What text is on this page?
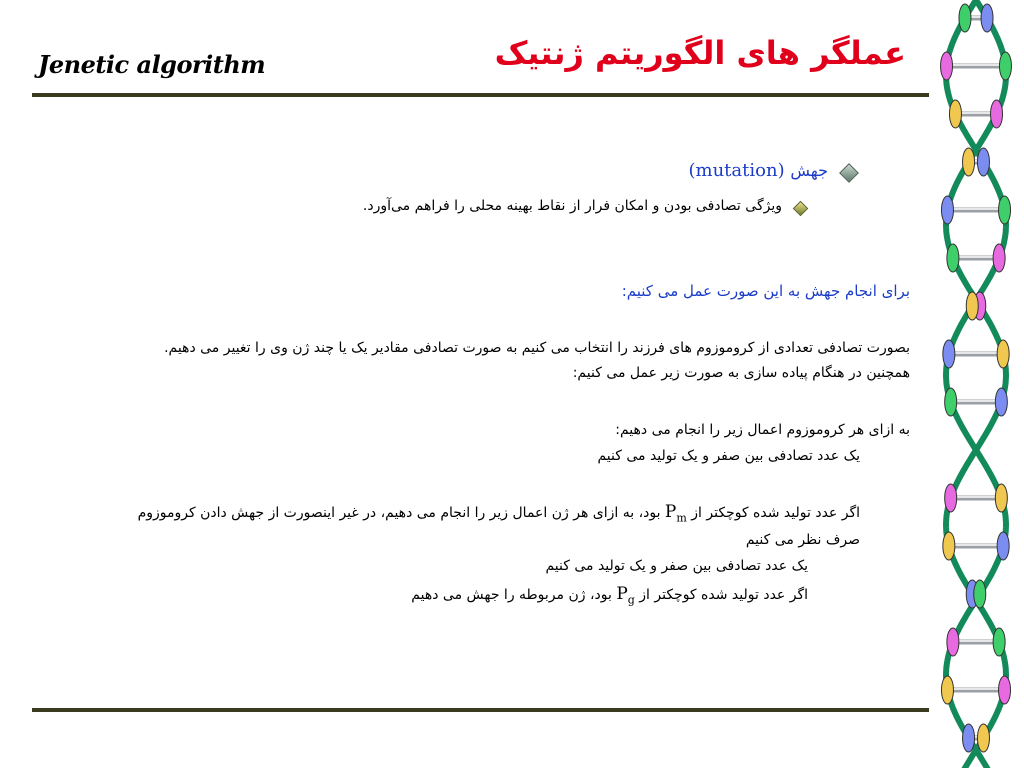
Jenetic algorithm	عملگر های الگوریتم ژنتیک
جهش (mutation)
ویژگی تصادفی بودن و امکان فرار از نقاط بهینه محلی را فراهم می‌آورد.
برای انجام جهش به این صورت عمل می کنیم:
بصورت تصادفی تعدادی از کروموزوم های فرزند را انتخاب می کنیم به صورت تصادفی مقادیر یک یا چند ژن وی را تغییر می دهیم.
همچنین در هنگام پیاده سازی به صورت زیر عمل می کنیم:
به ازای هر کروموزوم اعمال زیر را انجام می دهیم:
یک عدد تصادفی بین صفر و یک تولید می کنیم
اگر عدد تولید شده کوچکتر از $P_m$ بود، به ازای هر ژن اعمال زیر را انجام می دهیم، در غیر اینصورت از جهش دادن کروموزوم
صرف نظر می کنیم
یک عدد تصادفی بین صفر و یک تولید می کنیم
اگر عدد تولید شده کوچکتر از $P_g$ بود، ژن مربوطه را جهش می دهیم
